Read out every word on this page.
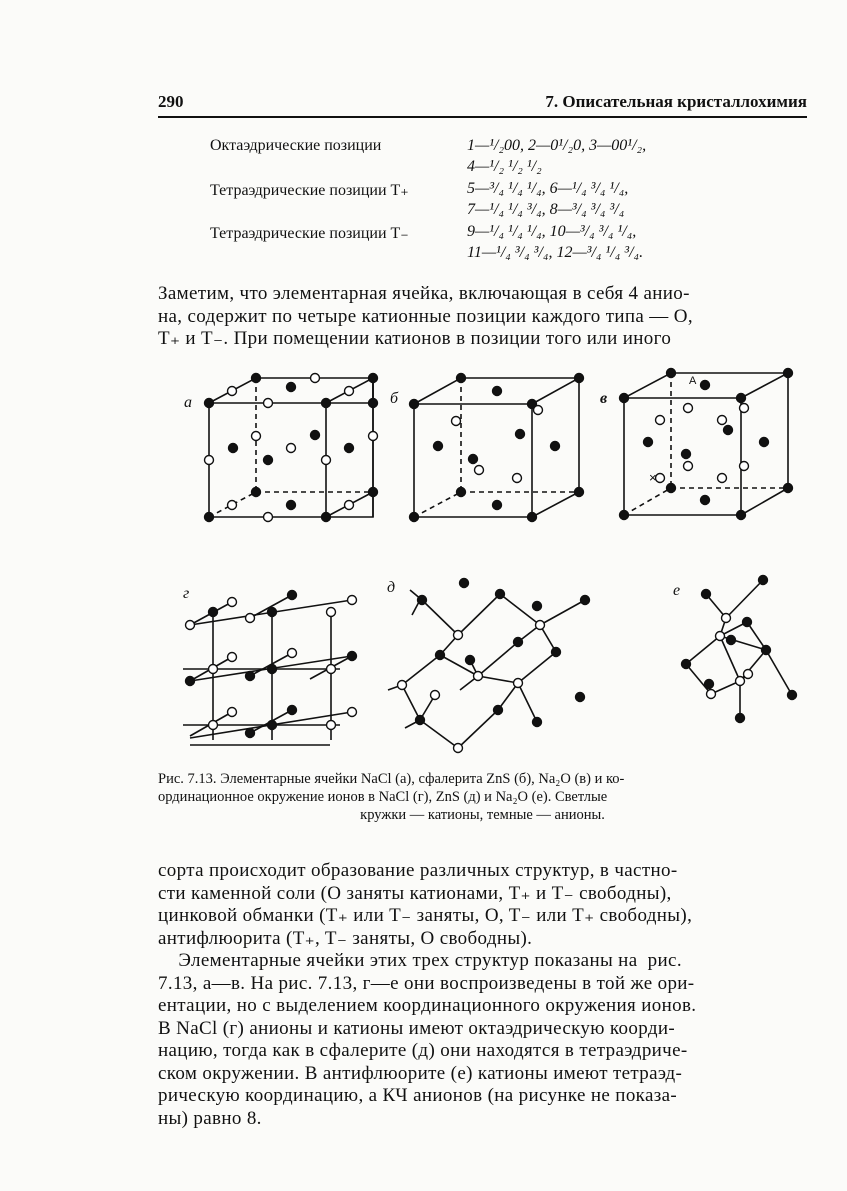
290	7. Описательная кристаллохимия
Октаэдрические позиции	1—¹/₂00, 2—0¹/₂0, 3—00¹/₂,
4—¹/₂ ¹/₂ ¹/₂
Тетраэдрические позиции T₊	5—³/₄ ¹/₄ ¹/₄, 6—¹/₄ ³/₄ ¹/₄,
7—¹/₄ ¹/₄ ³/₄, 8—³/₄ ³/₄ ³/₄
Тетраэдрические позиции T₋	9—¹/₄ ¹/₄ ¹/₄, 10—³/₄ ³/₄ ¹/₄,
11—¹/₄ ³/₄ ³/₄, 12—³/₄ ¹/₄ ³/₄.

Заметим, что элементарная ячейка, включающая в себя 4 анио-

на, содержит по четыре катионные позиции каждого типа — O,

T₊ и T₋. При помещении катионов в позиции того или иного

а	б	в
г	д	е
A
×
Рис. 7.13. Элементарные ячейки NaCl (а), сфалерита ZnS (б), Na₂O (в) и ко-
ординационное окружение ионов в NaCl (г), ZnS (д) и Na₂O (е). Светлые
кружки — катионы, темные — анионы.

сорта происходит образование различных структур, в частно-

сти каменной соли (O заняты катионами, T₊ и T₋ свободны),

цинковой обманки (T₊ или T₋ заняты, O, T₋ или T₊ свободны),

антифлюорита (T₊, T₋ заняты, O свободны).

Элементарные ячейки этих трех структур показаны на  рис.

7.13, а—в. На рис. 7.13, г—е они воспроизведены в той же ори-

ентации, но с выделением координационного окружения ионов.

В NaCl (г) анионы и катионы имеют октаэдрическую коорди-

нацию, тогда как в сфалерите (д) они находятся в тетраэдриче-

ском окружении. В антифлюорите (е) катионы имеют тетраэд-

рическую координацию, а КЧ анионов (на рисунке не показа-

ны) равно 8.
